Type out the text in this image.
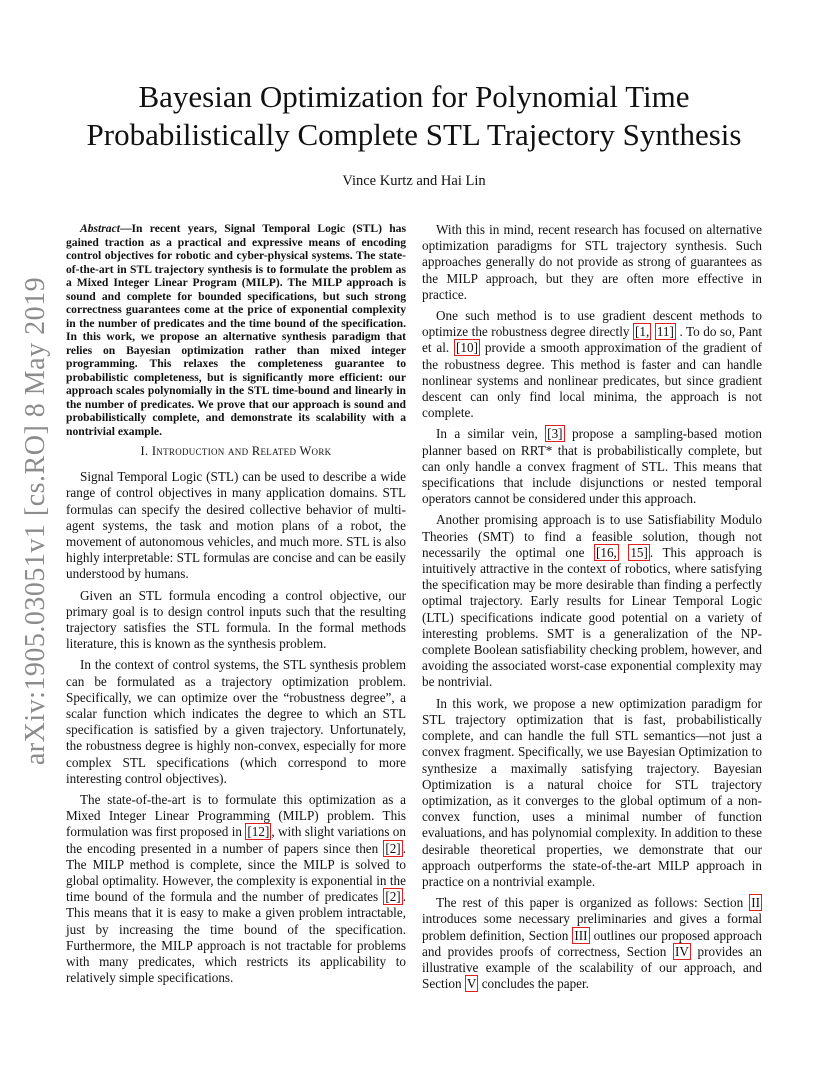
arXiv:1905.03051v1 [cs.RO] 8 May 2019
Bayesian Optimization for Polynomial Time
Probabilistically Complete STL Trajectory Synthesis
Vince Kurtz and Hai Lin

Abstract—In recent years, Signal Temporal Logic (STL) has gained traction as a practical and expressive means of encoding control objectives for robotic and cyber-physical systems. The state-of-the-art in STL trajectory synthesis is to formulate the problem as a Mixed Integer Linear Program (MILP). The MILP approach is sound and complete for bounded specifications, but such strong correctness guarantees come at the price of exponential complexity in the number of predicates and the time bound of the specification. In this work, we propose an alternative synthesis paradigm that relies on Bayesian optimization rather than mixed integer programming. This relaxes the completeness guarantee to probabilistic completeness, but is significantly more efficient: our approach scales polynomially in the STL time-bound and linearly in the number of predicates. We prove that our approach is sound and probabilistically complete, and demonstrate its scalability with a nontrivial example.

I. Introduction and Related Work

Signal Temporal Logic (STL) can be used to describe a wide range of control objectives in many application domains. STL formulas can specify the desired collective behavior of multi-agent systems, the task and motion plans of a robot, the movement of autonomous vehicles, and much more. STL is also highly interpretable: STL formulas are concise and can be easily understood by humans.

Given an STL formula encoding a control objective, our primary goal is to design control inputs such that the resulting trajectory satisfies the STL formula. In the formal methods literature, this is known as the synthesis problem.

In the context of control systems, the STL synthesis problem can be formulated as a trajectory optimization problem. Specifically, we can optimize over the “robustness degree”, a scalar function which indicates the degree to which an STL specification is satisfied by a given trajectory. Unfortunately, the robustness degree is highly non-convex, especially for more complex STL specifications (which correspond to more interesting control objectives).

The state-of-the-art is to formulate this optimization as a Mixed Integer Linear Programming (MILP) problem. This formulation was first proposed in [12] , with slight variations on the encoding presented in a number of papers since then [2] . The MILP method is complete, since the MILP is solved to global optimality. However, the complexity is exponential in the time bound of the formula and the number of predicates [2] . This means that it is easy to make a given problem intractable, just by increasing the time bound of the specification. Furthermore, the MILP approach is not tractable for problems with many predicates, which restricts its applicability to relatively simple specifications.

With this in mind, recent research has focused on alternative optimization paradigms for STL trajectory synthesis. Such approaches generally do not provide as strong of guarantees as the MILP approach, but they are often more effective in practice.

One such method is to use gradient descent methods to optimize the robustness degree directly [1, 11] . To do so, Pant et al. [10] provide a smooth approximation of the gradient of the robustness degree. This method is faster and can handle nonlinear systems and nonlinear predicates, but since gradient descent can only find local minima, the approach is not complete.

In a similar vein, [3] propose a sampling-based motion planner based on RRT* that is probabilistically complete, but can only handle a convex fragment of STL. This means that specifications that include disjunctions or nested temporal operators cannot be considered under this approach.

Another promising approach is to use Satisfiability Modulo Theories (SMT) to find a feasible solution, though not necessarily the optimal one [16, 15] . This approach is intuitively attractive in the context of robotics, where satisfying the specification may be more desirable than finding a perfectly optimal trajectory. Early results for Linear Temporal Logic (LTL) specifications indicate good potential on a variety of interesting problems. SMT is a generalization of the NP-complete Boolean satisfiability checking problem, however, and avoiding the associated worst-case exponential complexity may be nontrivial.

In this work, we propose a new optimization paradigm for STL trajectory optimization that is fast, probabilistically complete, and can handle the full STL semantics—not just a convex fragment. Specifically, we use Bayesian Optimization to synthesize a maximally satisfying trajectory. Bayesian Optimization is a natural choice for STL trajectory optimization, as it converges to the global optimum of a non-convex function, uses a minimal number of function evaluations, and has polynomial complexity. In addition to these desirable theoretical properties, we demonstrate that our approach outperforms the state-of-the-art MILP approach in practice on a nontrivial example.

The rest of this paper is organized as follows: Section II introduces some necessary preliminaries and gives a formal problem definition, Section III outlines our proposed approach and provides proofs of correctness, Section IV provides an illustrative example of the scalability of our approach, and Section V concludes the paper.
